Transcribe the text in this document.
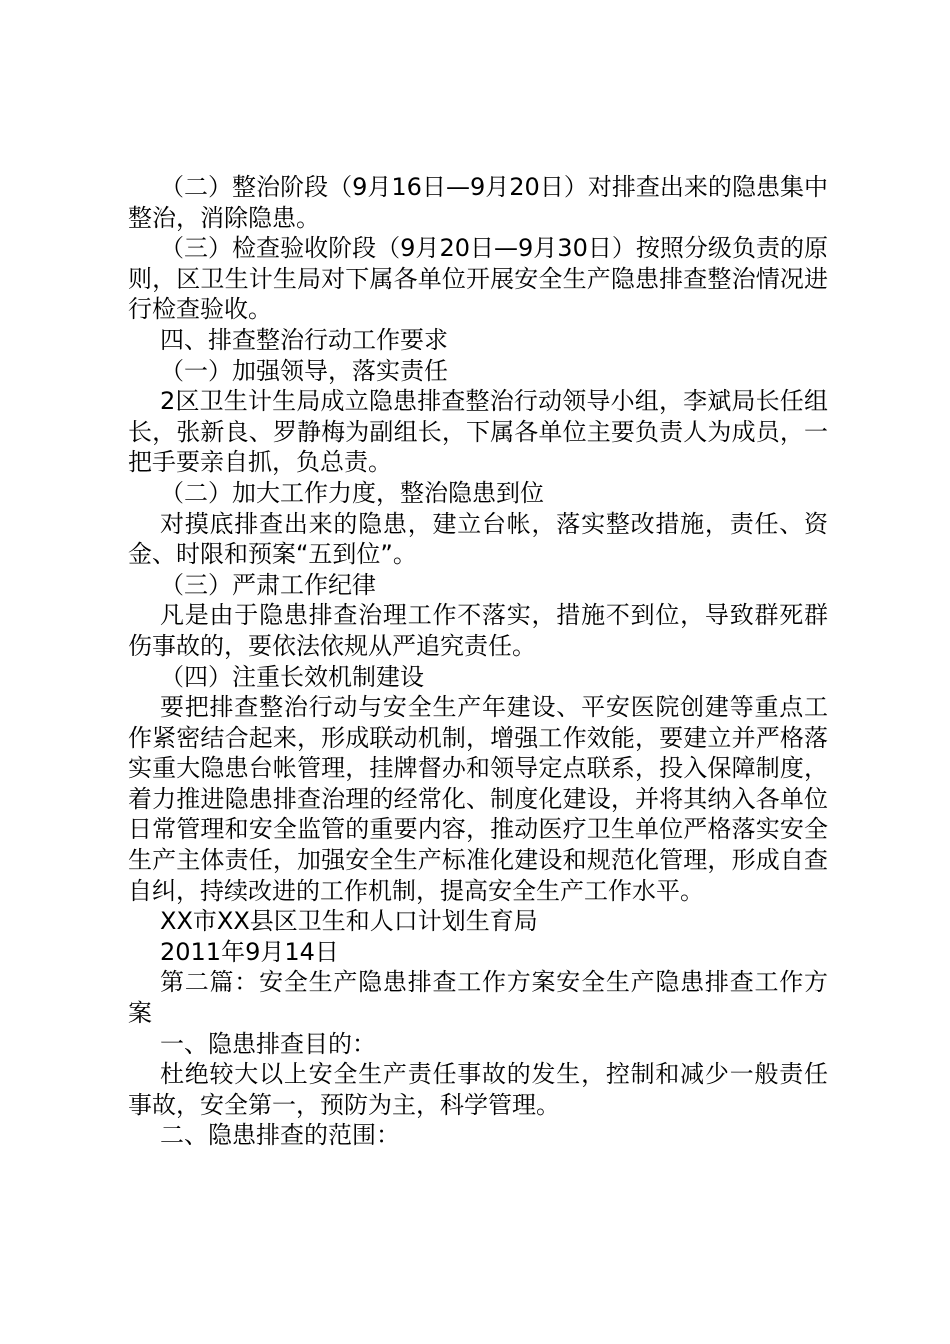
（二）整治阶段（9月16日—9月20日）对排查出来的隐患集中整治，消除隐患。

（三）检查验收阶段（9月20日—9月30日）按照分级负责的原则，区卫生计生局对下属各单位开展安全生产隐患排查整治情况进行检查验收。

四、排查整治行动工作要求

（一）加强领导，落实责任

2区卫生计生局成立隐患排查整治行动领导小组，李斌局长任组长，张新良、罗静梅为副组长，下属各单位主要负责人为成员，一把手要亲自抓，负总责。

（二）加大工作力度，整治隐患到位

对摸底排查出来的隐患，建立台帐，落实整改措施，责任、资金、时限和预案“五到位”。

（三）严肃工作纪律

凡是由于隐患排查治理工作不落实，措施不到位，导致群死群伤事故的，要依法依规从严追究责任。

（四）注重长效机制建设

要把排查整治行动与安全生产年建设、平安医院创建等重点工作紧密结合起来，形成联动机制，增强工作效能，要建立并严格落实重大隐患台帐管理，挂牌督办和领导定点联系，投入保障制度，着力推进隐患排查治理的经常化、制度化建设，并将其纳入各单位日常管理和安全监管的重要内容，推动医疗卫生单位严格落实安全生产主体责任，加强安全生产标准化建设和规范化管理，形成自查自纠，持续改进的工作机制，提高安全生产工作水平。

XX市XX县区卫生和人口计划生育局

2011年9月14日

第二篇：安全生产隐患排查工作方案安全生产隐患排查工作方案

一、隐患排查目的：

杜绝较大以上安全生产责任事故的发生，控制和减少一般责任事故，安全第一，预防为主，科学管理。

二、隐患排查的范围：
